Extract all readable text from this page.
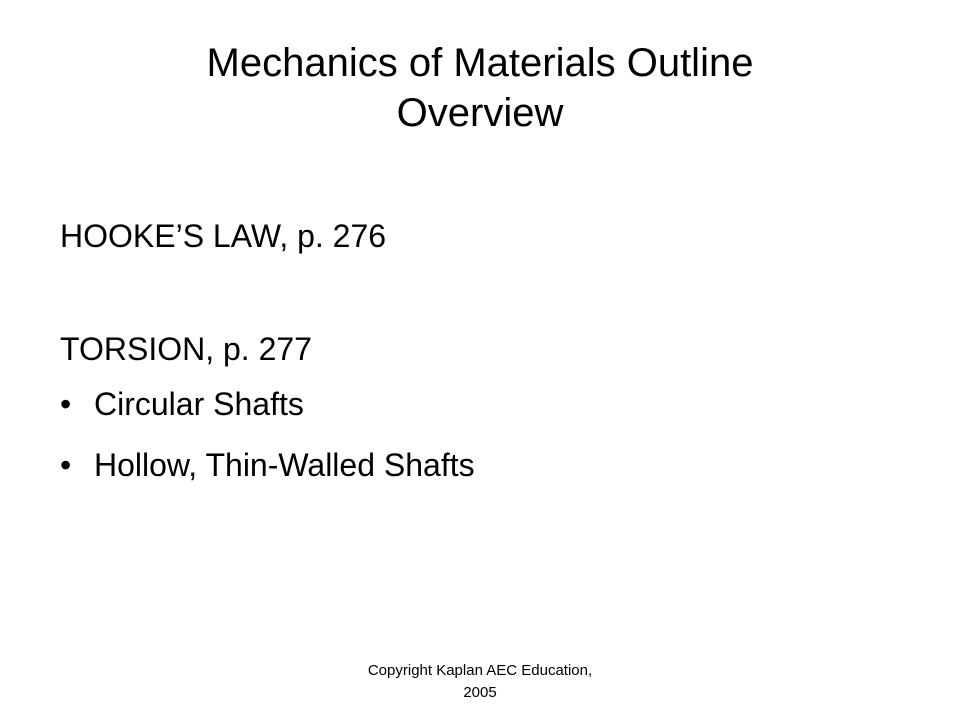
Mechanics of Materials Outline
Overview
HOOKE’S LAW, p. 276
TORSION, p. 277
• Circular Shafts
• Hollow, Thin-Walled Shafts
Copyright Kaplan AEC Education,
2005
